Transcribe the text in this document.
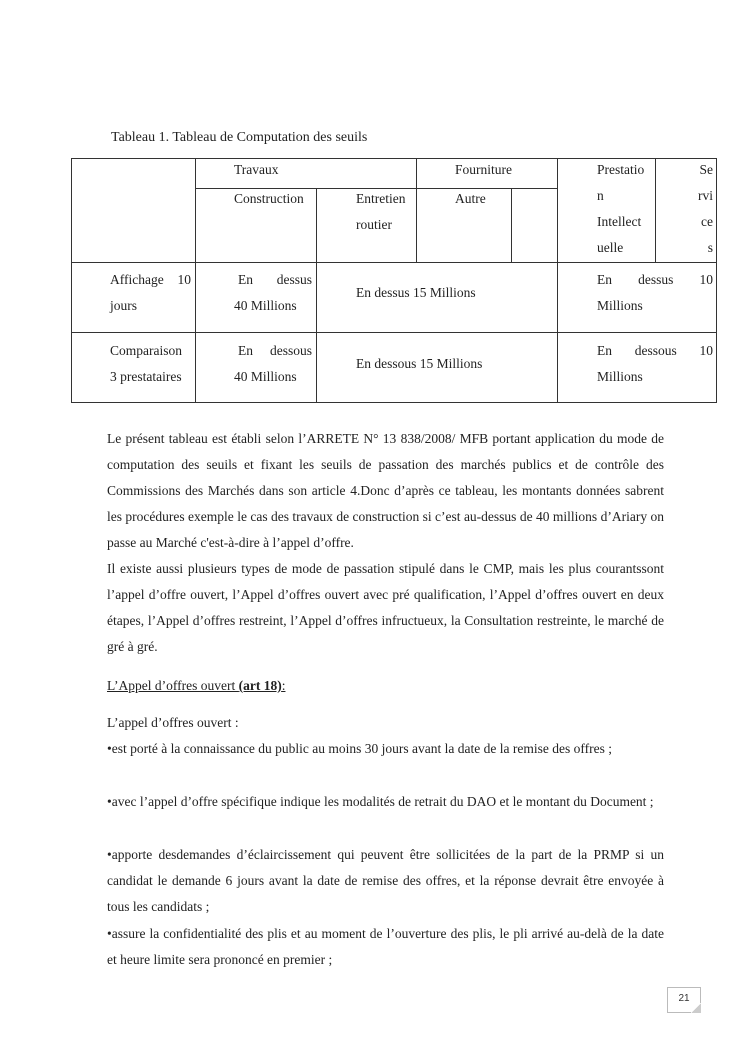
Tableau 1. Tableau de Computation des seuils
Travaux	Fourniture
Construction	Entretien
routier
Autre
Prestatio
n
Intellect
uelle
Se
rvi
ce
s
Affichage 10
jours
En dessus
40 Millions
En dessus 15 Millions
En dessus 10
Millions
Comparaison
3 prestataires
En dessous
40 Millions
En dessous 15 Millions
En dessous 10
Millions
Le présent tableau est établi selon l’ARRETE N° 13 838/2008/ MFB portant application du mode de computation des seuils et fixant les seuils de passation des marchés publics et de contrôle des Commissions des Marchés dans son article 4.Donc d’après ce tableau, les montants données sabrent les procédures exemple le cas des travaux de construction si c’est au-dessus de 40 millions d’Ariary on passe au Marché c'est-à-dire à l’appel d’offre.
Il existe aussi plusieurs types de mode de passation stipulé dans le CMP, mais les plus courantssont l’appel d’offre ouvert, l’Appel d’offres ouvert avec pré qualification, l’Appel d’offres ouvert en deux étapes, l’Appel d’offres restreint, l’Appel d’offres infructueux, la Consultation restreinte, le marché de gré à gré.
L’Appel d’offres ouvert (art 18):
L’appel d’offres ouvert :
•est porté à la connaissance du public au moins 30 jours avant la date de la remise des offres ;
•avec l’appel d’offre spécifique indique les modalités de retrait du DAO et le montant du Document ;
•apporte desdemandes d’éclaircissement qui peuvent être sollicitées de la part de la PRMP si un candidat le demande 6 jours avant la date de remise des offres, et la réponse devrait être envoyée à tous les candidats ;
•assure la confidentialité des plis et au moment de l’ouverture des plis, le pli arrivé au-delà de la date et heure limite sera prononcé en premier ;
21
